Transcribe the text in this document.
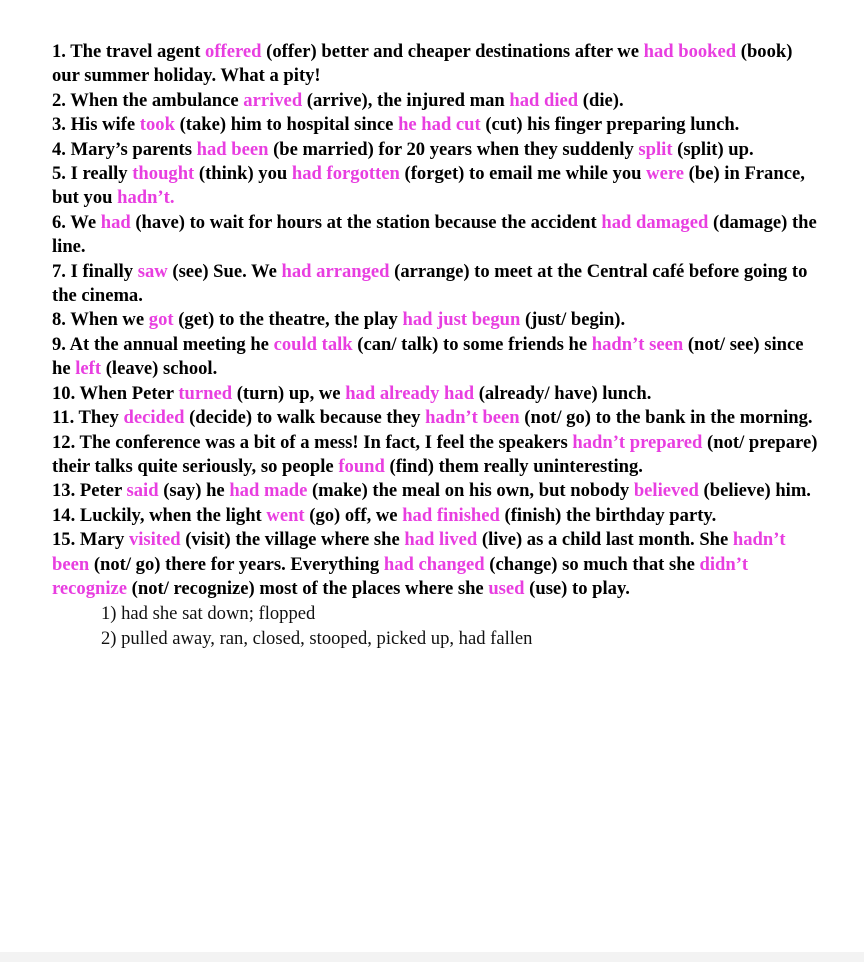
1. The travel agent offered (offer) better and cheaper destinations after we had booked (book) our summer holiday. What a pity!

2. When the ambulance arrived (arrive), the injured man had died (die).

3. His wife took (take) him to hospital since he had cut (cut) his finger preparing lunch.

4. Mary’s parents had been (be married) for 20 years when they suddenly split (split) up.

5. I really thought (think) you had forgotten (forget) to email me while you were (be) in France, but you hadn’t.

6. We had (have) to wait for hours at the station because the accident had damaged (damage) the line.

7. I finally saw (see) Sue. We had arranged (arrange) to meet at the Central café before going to the cinema.

8. When we got (get) to the theatre, the play had just begun (just/ begin).

9. At the annual meeting he could talk (can/ talk) to some friends he hadn’t seen (not/ see) since he left (leave) school.

10. When Peter turned (turn) up, we had already had (already/ have) lunch.

11. They decided (decide) to walk because they hadn’t been (not/ go) to the bank in the morning.

12. The conference was a bit of a mess! In fact, I feel the speakers hadn’t prepared (not/ prepare) their talks quite seriously, so people found (find) them really uninteresting.

13. Peter said (say) he had made (make) the meal on his own, but nobody believed (believe) him.

14. Luckily, when the light went (go) off, we had finished (finish) the birthday party.

15. Mary visited (visit) the village where she had lived (live) as a child last month. She hadn’t been (not/ go) there for years. Everything had changed (change) so much that she didn’t recognize (not/ recognize) most of the places where she used (use) to play.

1) had she sat down; flopped
2) pulled away, ran, closed, stooped, picked up, had fallen
